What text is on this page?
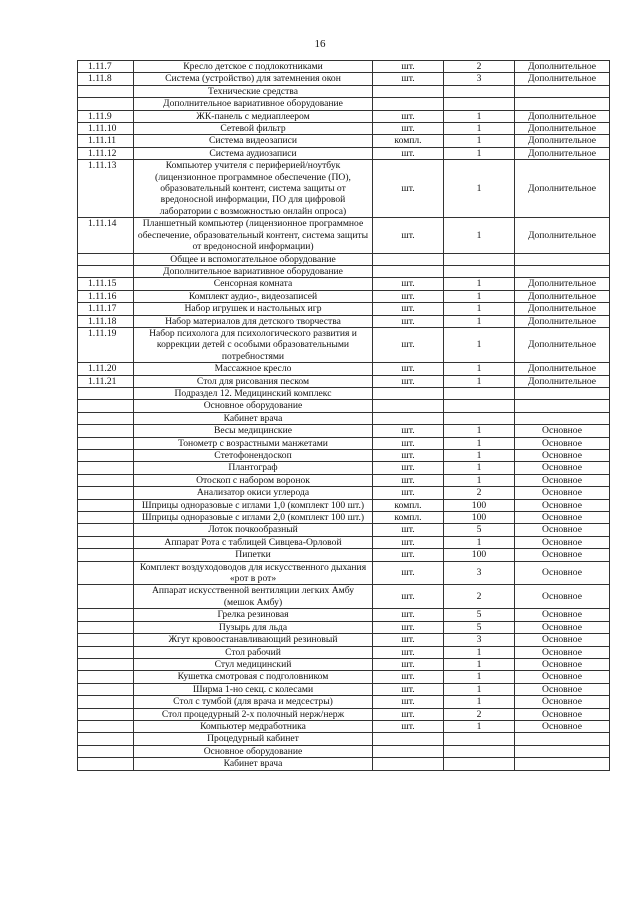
16
1.11.7	Кресло детское с подлокотниками	шт.	2	Дополнительное
1.11.8	Система (устройство) для затемнения окон	шт.	3	Дополнительное
	Технические средства			
	Дополнительное вариативное оборудование			
1.11.9	ЖК-панель с медиаплеером	шт.	1	Дополнительное
1.11.10	Сетевой фильтр	шт.	1	Дополнительное
1.11.11	Система видеозаписи	компл.	1	Дополнительное
1.11.12	Система аудиозаписи	шт.	1	Дополнительное
1.11.13	Компьютер учителя с периферией/ноутбук (лицензионное программное обеспечение (ПО), образовательный контент, система защиты от вредоносной информации, ПО для цифровой лаборатории с возможностью онлайн опроса)	шт.	1	Дополнительное
1.11.14	Планшетный компьютер (лицензионное программное обеспечение, образовательный контент, система защиты от вредоносной информации)	шт.	1	Дополнительное
	Общее и вспомогательное оборудование			
	Дополнительное вариативное оборудование			
1.11.15	Сенсорная комната	шт.	1	Дополнительное
1.11.16	Комплект аудио-, видеозаписей	шт.	1	Дополнительное
1.11.17	Набор игрушек и настольных игр	шт.	1	Дополнительное
1.11.18	Набор материалов для детского творчества	шт.	1	Дополнительное
1.11.19	Набор психолога для психологического развития и коррекции детей с особыми образовательными потребностями	шт.	1	Дополнительное
1.11.20	Массажное кресло	шт.	1	Дополнительное
1.11.21	Стол для рисования песком	шт.	1	Дополнительное
	Подраздел 12. Медицинский комплекс			
	Основное оборудование			
	Кабинет врача			
	Весы медицинские	шт.	1	Основное
	Тонометр с возрастными манжетами	шт.	1	Основное
	Стетофонендоскоп	шт.	1	Основное
	Плантограф	шт.	1	Основное
	Отоскоп с набором воронок	шт.	1	Основное
	Анализатор окиси углерода	шт.	2	Основное
	Шприцы одноразовые с иглами 1,0 (комплект 100 шт.)	компл.	100	Основное
	Шприцы одноразовые с иглами 2,0 (комплект 100 шт.)	компл.	100	Основное
	Лоток почкообразный	шт.	5	Основное
	Аппарат Рота с таблицей Сивцева-Орловой	шт.	1	Основное
	Пипетки	шт.	100	Основное
	Комплект воздуходоводов для искусственного дыхания «рот в рот»	шт.	3	Основное
	Аппарат искусственной вентиляции легких Амбу (мешок Амбу)	шт.	2	Основное
	Грелка резиновая	шт.	5	Основное
	Пузырь для льда	шт.	5	Основное
	Жгут кровоостанавливающий резиновый	шт.	3	Основное
	Стол рабочий	шт.	1	Основное
	Стул медицинский	шт.	1	Основное
	Кушетка смотровая с подголовником	шт.	1	Основное
	Ширма 1-но секц. с колесами	шт.	1	Основное
	Стол с тумбой (для врача и медсестры)	шт.	1	Основное
	Стол процедурный 2-х полочный нерж/нерж	шт.	2	Основное
	Компьютер медработника	шт.	1	Основное
	Процедурный кабинет			
	Основное оборудование			
	Кабинет врача			
